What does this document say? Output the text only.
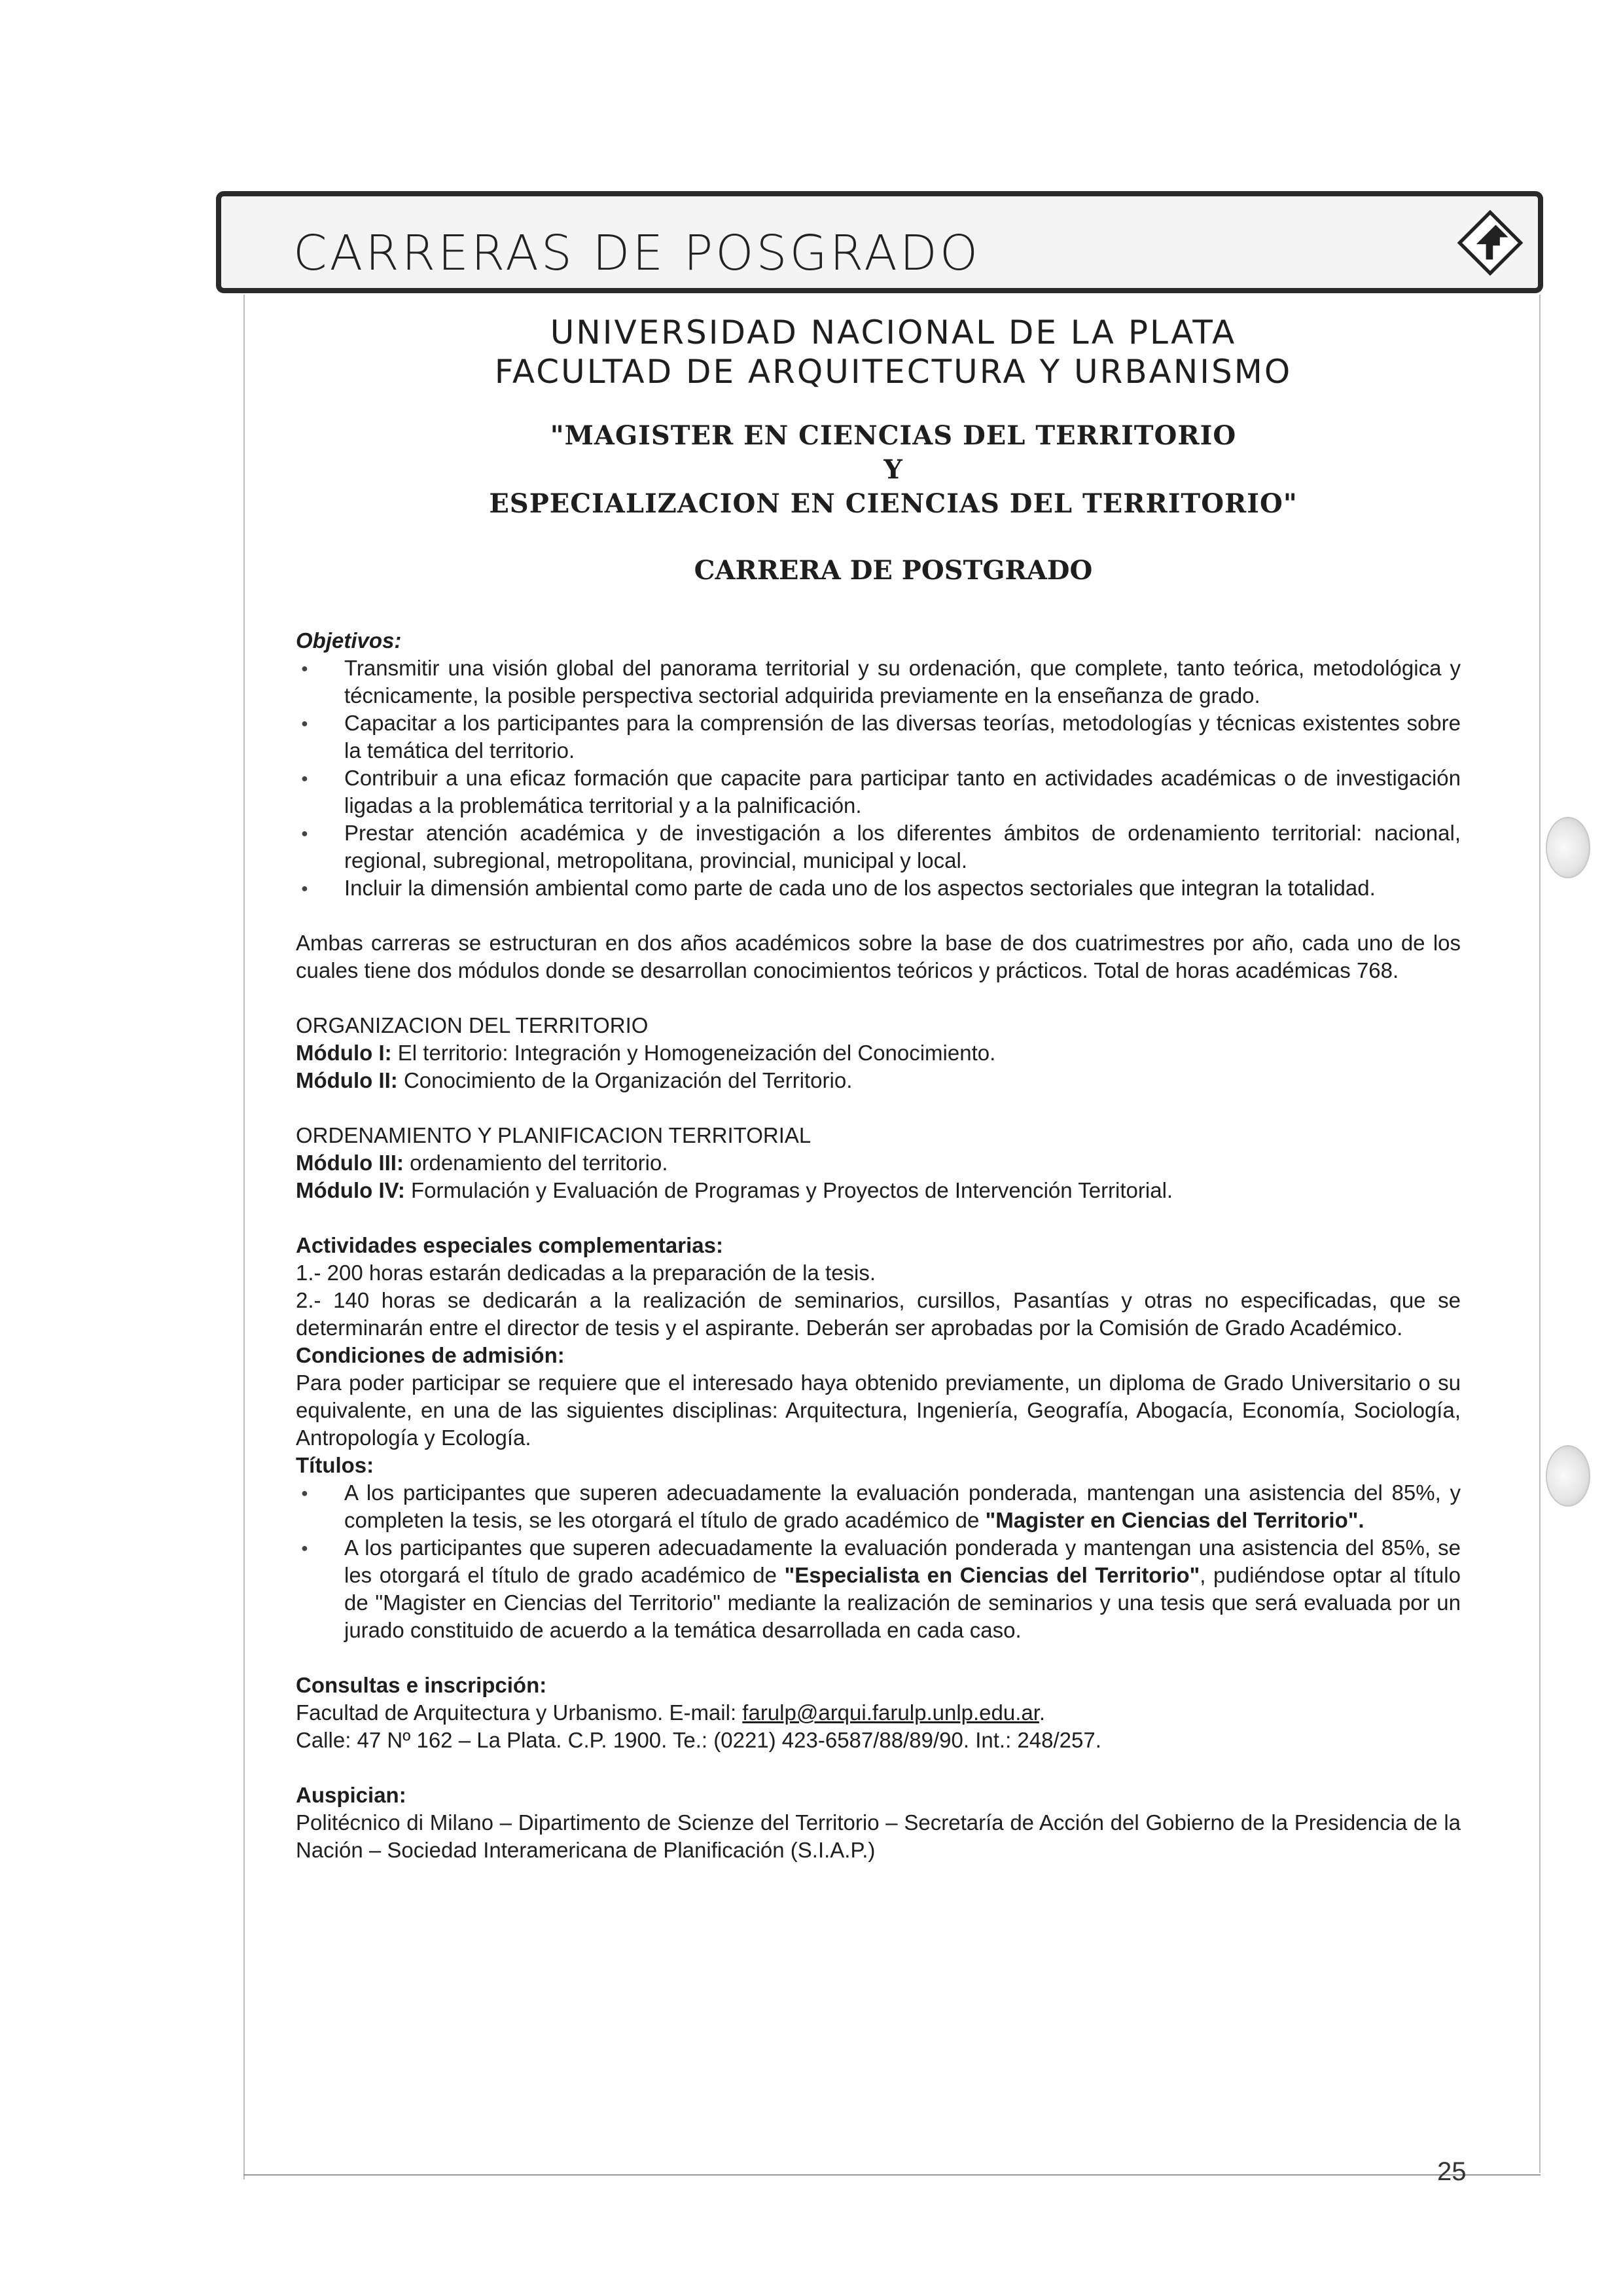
CARRERAS DE POSGRADO
UNIVERSIDAD NACIONAL DE LA PLATA
FACULTAD DE ARQUITECTURA Y URBANISMO
"MAGISTER EN CIENCIAS DEL TERRITORIO
Y
ESPECIALIZACION EN CIENCIAS DEL TERRITORIO"
CARRERA DE POSTGRADO
Objetivos:
● Transmitir una visión global del panorama territorial y su ordenación, que complete, tanto teórica, metodológica y técnicamente, la posible perspectiva sectorial adquirida previamente en la enseñanza de grado.
● Capacitar a los participantes para la comprensión de las diversas teorías, metodologías y técnicas existentes sobre la temática del territorio.
● Contribuir a una eficaz formación que capacite para participar tanto en actividades académicas o de investigación ligadas a la problemática territorial y a la palnificación.
● Prestar atención académica y de investigación a los diferentes ámbitos de ordenamiento territorial: nacional, regional, subregional, metropolitana, provincial, municipal y local.
● Incluir la dimensión ambiental como parte de cada uno de los aspectos sectoriales que integran la totalidad.
Ambas carreras se estructuran en dos años académicos sobre la base de dos cuatrimestres por año, cada uno de los cuales tiene dos módulos donde se desarrollan conocimientos teóricos y prácticos. Total de horas académicas 768.
ORGANIZACION DEL TERRITORIO
Módulo I: El territorio: Integración y Homogeneización del Conocimiento.
Módulo II: Conocimiento de la Organización del Territorio.
ORDENAMIENTO Y PLANIFICACION TERRITORIAL
Módulo III: ordenamiento del territorio.
Módulo IV: Formulación y Evaluación de Programas y Proyectos de Intervención Territorial.
Actividades especiales complementarias:
1.- 200 horas estarán dedicadas a la preparación de la tesis.
2.- 140 horas se dedicarán a la realización de seminarios, cursillos, Pasantías y otras no especificadas, que se determinarán entre el director de tesis y el aspirante. Deberán ser aprobadas por la Comisión de Grado Académico.
Condiciones de admisión:
Para poder participar se requiere que el interesado haya obtenido previamente, un diploma de Grado Universitario o su equivalente, en una de las siguientes disciplinas: Arquitectura, Ingeniería, Geografía, Abogacía, Economía, Sociología, Antropología y Ecología.
Títulos:
● A los participantes que superen adecuadamente la evaluación ponderada, mantengan una asistencia del 85%, y completen la tesis, se les otorgará el título de grado académico de "Magister en Ciencias del Territorio".
● A los participantes que superen adecuadamente la evaluación ponderada y mantengan una asistencia del 85%, se les otorgará el título de grado académico de "Especialista en Ciencias del Territorio", pudiéndose optar al título de "Magister en Ciencias del Territorio" mediante la realización de seminarios y una tesis que será evaluada por un jurado constituido de acuerdo a la temática desarrollada en cada caso.
Consultas e inscripción:
Facultad de Arquitectura y Urbanismo. E-mail: farulp@arqui.farulp.unlp.edu.ar.
Calle: 47 Nº 162 – La Plata. C.P. 1900. Te.: (0221) 423-6587/88/89/90. Int.: 248/257.
Auspician:
Politécnico di Milano – Dipartimento de Scienze del Territorio – Secretaría de Acción del Gobierno de la Presidencia de la Nación – Sociedad Interamericana de Planificación (S.I.A.P.)
25
